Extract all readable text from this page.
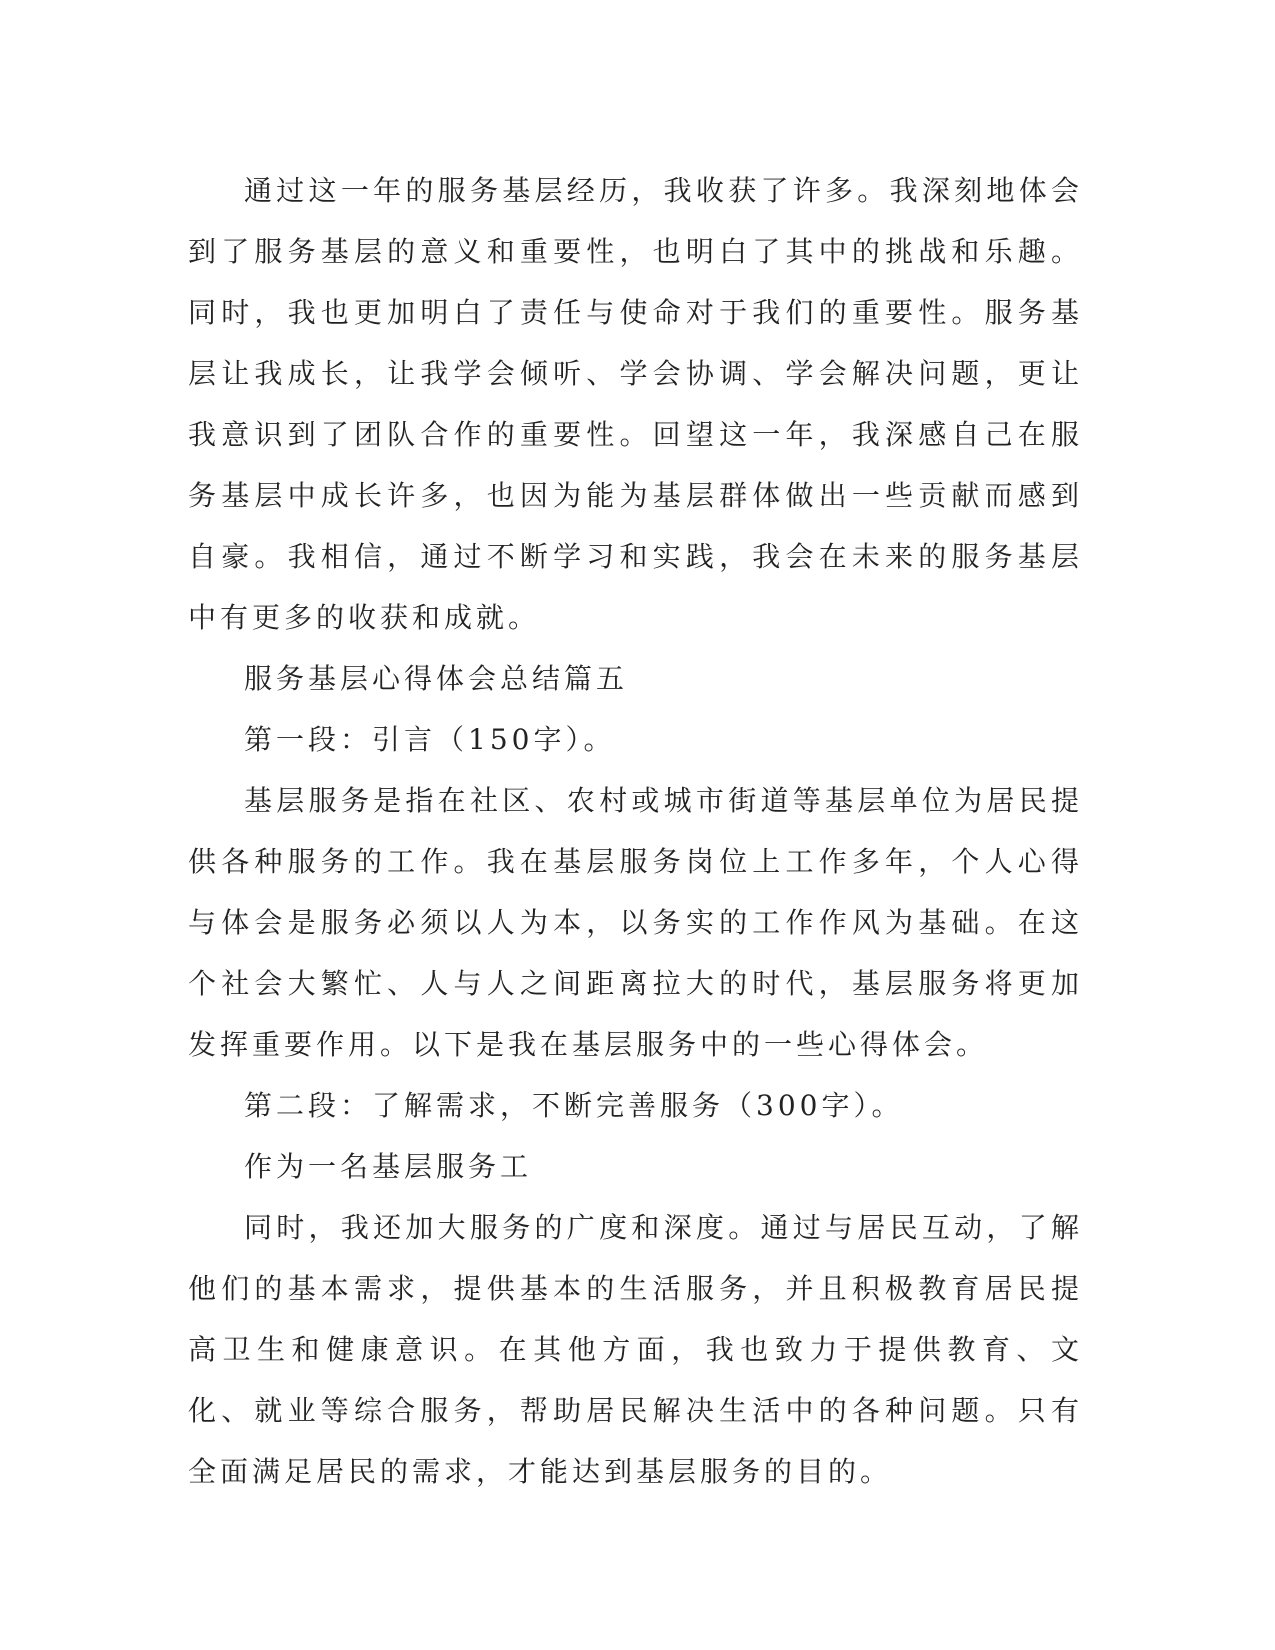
通过这一年的服务基层经历，我收获了许多。我深刻地体会到了服务基层的意义和重要性，也明白了其中的挑战和乐趣。同时，我也更加明白了责任与使命对于我们的重要性。服务基层让我成长，让我学会倾听、学会协调、学会解决问题，更让我意识到了团队合作的重要性。回望这一年，我深感自己在服务基层中成长许多，也因为能为基层群体做出一些贡献而感到自豪。我相信，通过不断学习和实践，我会在未来的服务基层中有更多的收获和成就。

服务基层心得体会总结篇五

第一段：引言（150字）。

基层服务是指在社区、农村或城市街道等基层单位为居民提供各种服务的工作。我在基层服务岗位上工作多年，个人心得与体会是服务必须以人为本，以务实的工作作风为基础。在这个社会大繁忙、人与人之间距离拉大的时代，基层服务将更加发挥重要作用。以下是我在基层服务中的一些心得体会。

第二段：了解需求，不断完善服务（300字）。

作为一名基层服务工

同时，我还加大服务的广度和深度。通过与居民互动，了解他们的基本需求，提供基本的生活服务，并且积极教育居民提高卫生和健康意识。在其他方面，我也致力于提供教育、文化、就业等综合服务，帮助居民解决生活中的各种问题。只有全面满足居民的需求，才能达到基层服务的目的。
